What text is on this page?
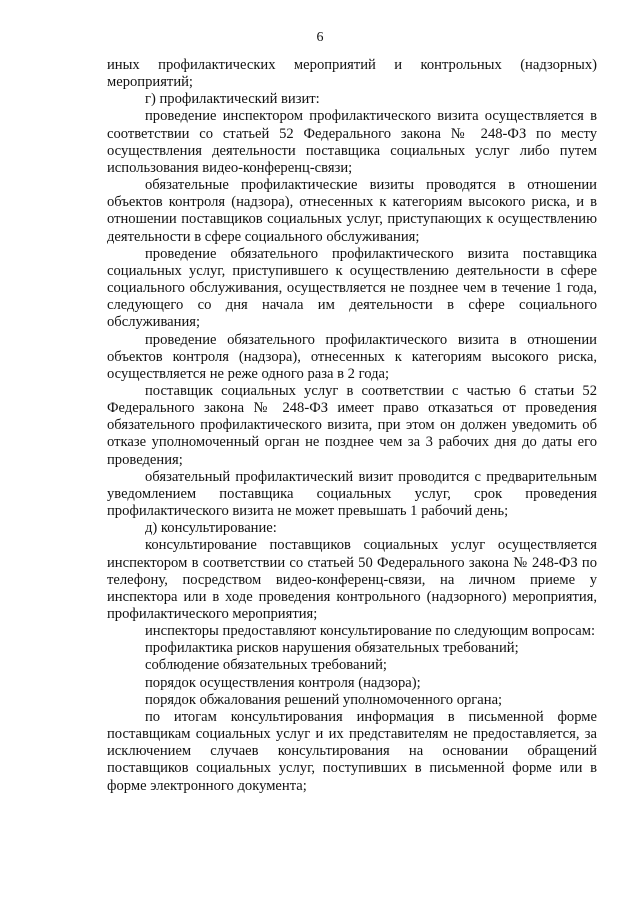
6

иных профилактических мероприятий и контрольных (надзорных) мероприятий;

г) профилактический визит:

проведение инспектором профилактического визита осуществляется в соответствии со статьей 52 Федерального закона № 248-ФЗ по месту осуществления деятельности поставщика социальных услуг либо путем использования видео-конференц-связи;

обязательные профилактические визиты проводятся в отношении объектов контроля (надзора), отнесенных к категориям высокого риска, и в отношении поставщиков социальных услуг, приступающих к осуществлению деятельности в сфере социального обслуживания;

проведение обязательного профилактического визита поставщика социальных услуг, приступившего к осуществлению деятельности в сфере социального обслуживания, осуществляется не позднее чем в течение 1 года, следующего со дня начала им деятельности в сфере социального обслуживания;

проведение обязательного профилактического визита в отношении объектов контроля (надзора), отнесенных к категориям высокого риска, осуществляется не реже одного раза в 2 года;

поставщик социальных услуг в соответствии с частью 6 статьи 52 Федерального закона № 248-ФЗ имеет право отказаться от проведения обязательного профилактического визита, при этом он должен уведомить об отказе уполномоченный орган не позднее чем за 3 рабочих дня до даты его проведения;

обязательный профилактический визит проводится с предварительным уведомлением поставщика социальных услуг, срок проведения профилактического визита не может превышать 1 рабочий день;

д) консультирование:

консультирование поставщиков социальных услуг осуществляется инспектором в соответствии со статьей 50 Федерального закона № 248-ФЗ по телефону, посредством видео-конференц-связи, на личном приеме у инспектора или в ходе проведения контрольного (надзорного) мероприятия, профилактического мероприятия;

инспекторы предоставляют консультирование по следующим вопросам:

профилактика рисков нарушения обязательных требований;

соблюдение обязательных требований;

порядок осуществления контроля (надзора);

порядок обжалования решений уполномоченного органа;

по итогам консультирования информация в письменной форме поставщикам социальных услуг и их представителям не предоставляется, за исключением случаев консультирования на основании обращений поставщиков социальных услуг, поступивших в письменной форме или в форме электронного документа;
